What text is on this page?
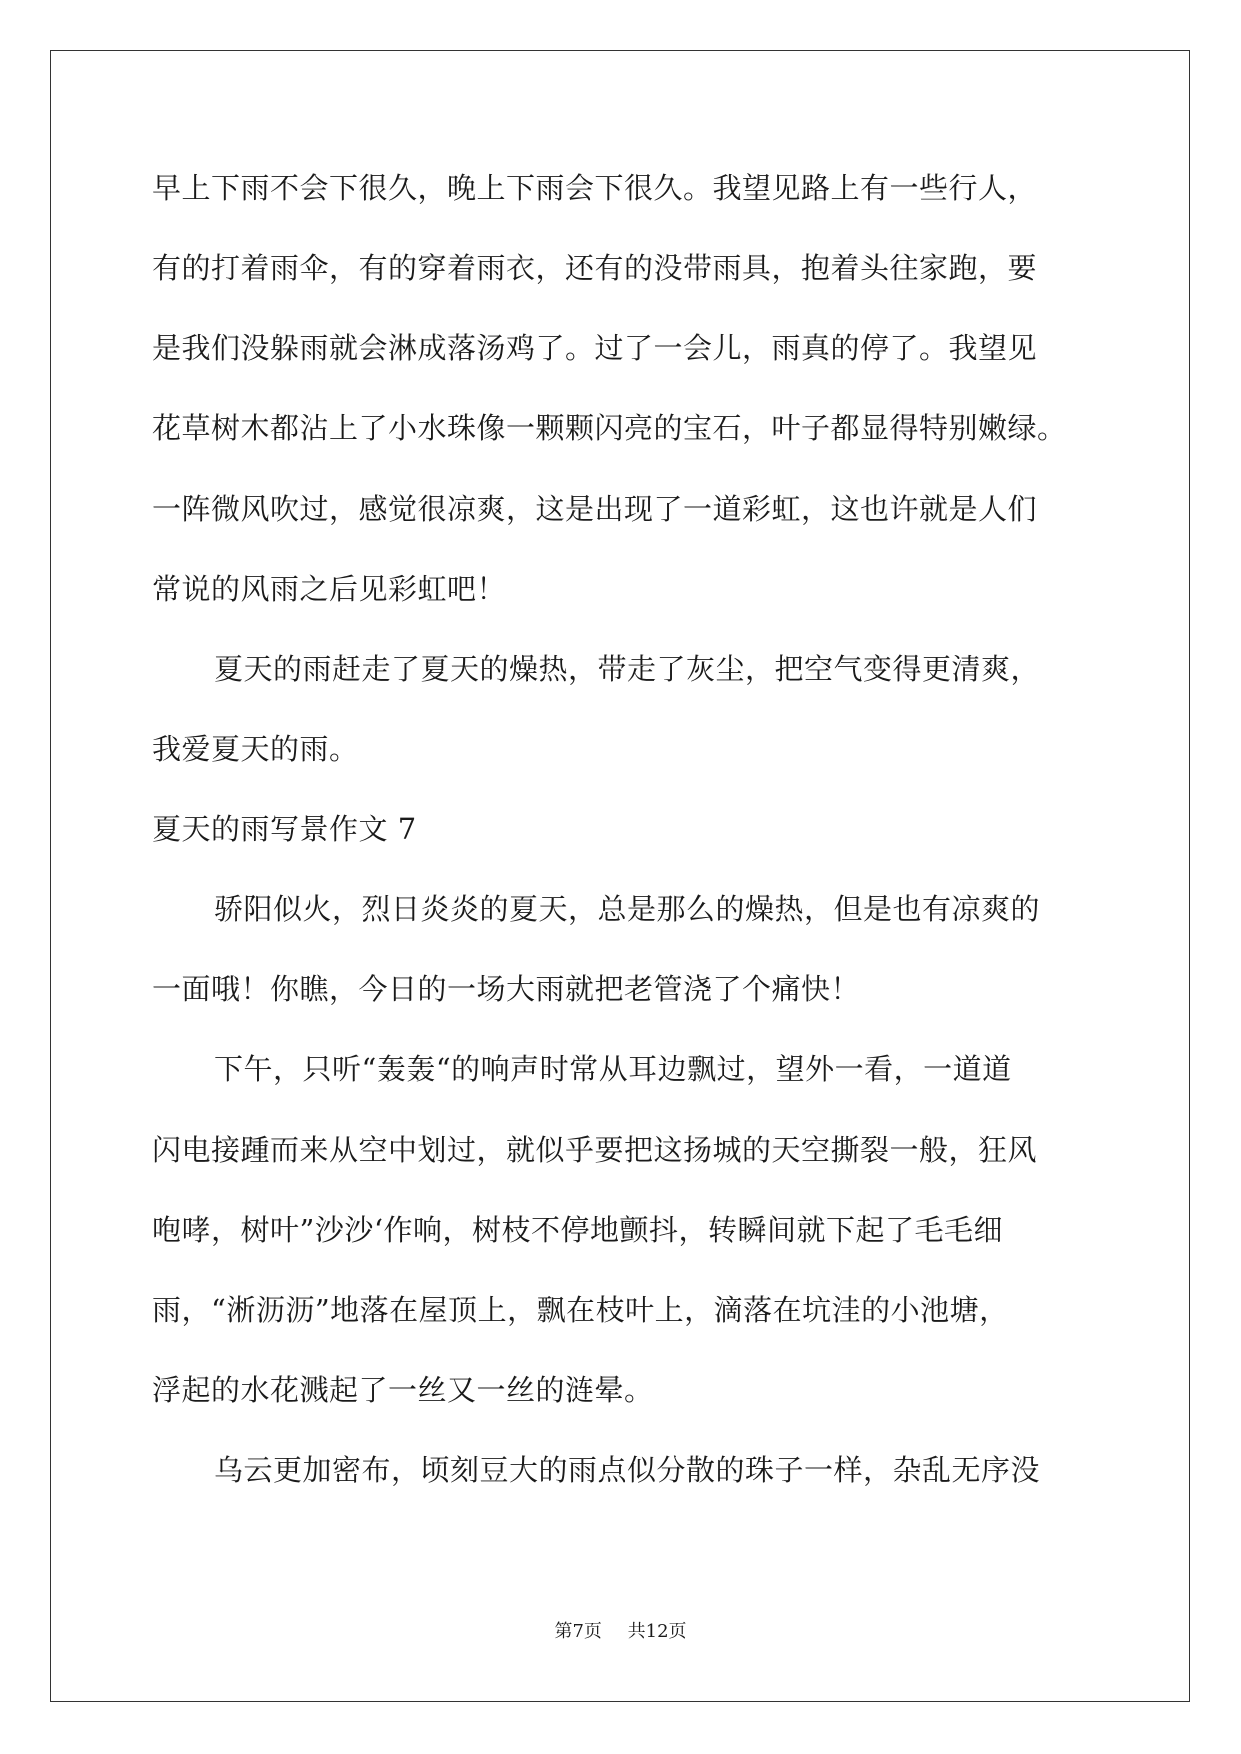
早上下雨不会下很久，晚上下雨会下很久。我望见路上有一些行人，
有的打着雨伞，有的穿着雨衣，还有的没带雨具，抱着头往家跑，要
是我们没躲雨就会淋成落汤鸡了。过了一会儿，雨真的停了。我望见
花草树木都沾上了小水珠像一颗颗闪亮的宝石，叶子都显得特别嫩绿。
一阵微风吹过，感觉很凉爽，这是出现了一道彩虹，这也许就是人们
常说的风雨之后见彩虹吧！
夏天的雨赶走了夏天的燥热，带走了灰尘，把空气变得更清爽，
我爱夏天的雨。
夏天的雨写景作文 7
骄阳似火，烈日炎炎的夏天，总是那么的燥热，但是也有凉爽的
一面哦！你瞧，今日的一场大雨就把老管浇了个痛快！
下午，只听“轰轰“的响声时常从耳边飘过，望外一看，一道道
闪电接踵而来从空中划过，就似乎要把这扬城的天空撕裂一般，狂风
咆哮，树叶”沙沙‘作响，树枝不停地颤抖，转瞬间就下起了毛毛细
雨，“淅沥沥”地落在屋顶上，飘在枝叶上，滴落在坑洼的小池塘，
浮起的水花溅起了一丝又一丝的涟晕。
乌云更加密布，顷刻豆大的雨点似分散的珠子一样，杂乱无序没
第7页 共12页
